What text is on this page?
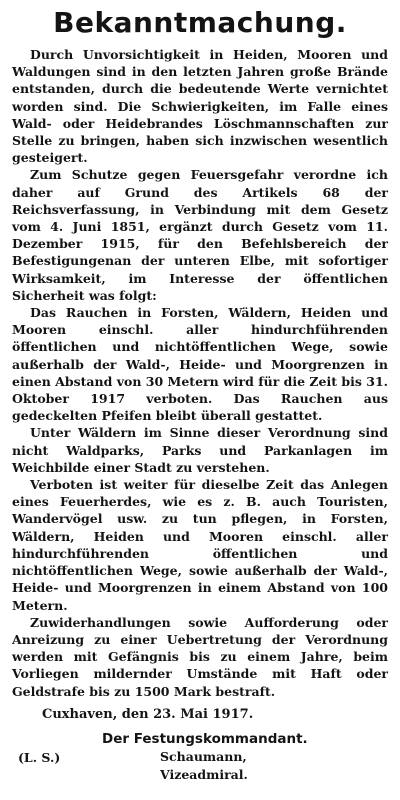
Bekanntmachung.

Durch Unvorsichtigkeit in Heiden, Mooren und Waldungen sind in den letzten Jahren große Brände entstanden, durch die bedeutende Werte vernichtet worden sind. Die Schwierigkeiten, im Falle eines Wald- oder Heidebrandes Löschmannschaften zur Stelle zu bringen, haben sich inzwischen wesentlich gesteigert.

Zum Schutze gegen Feuersgefahr verordne ich daher auf Grund des Artikels 68 der Reichsverfassung, in Verbindung mit dem Gesetz vom 4. Juni 1851, ergänzt durch Gesetz vom 11. Dezember 1915, für den Befehlsbereich der Befestigungenan der unteren Elbe, mit sofortiger Wirksamkeit, im Interesse der öffentlichen Sicherheit was folgt:

Das Rauchen in Forsten, Wäldern, Heiden und Mooren einschl. aller hindurchführenden öffentlichen und nichtöffentlichen Wege, sowie außerhalb der Wald-, Heide- und Moorgrenzen in einen Abstand von 30 Metern wird für die Zeit bis 31. Oktober 1917 verboten. Das Rauchen aus gedeckelten Pfeifen bleibt überall gestattet.

Unter Wäldern im Sinne dieser Verordnung sind nicht Waldparks, Parks und Parkanlagen im Weichbilde einer Stadt zu verstehen.

Verboten ist weiter für dieselbe Zeit das Anlegen eines Feuerherdes, wie es z. B. auch Touristen, Wandervögel usw. zu tun pflegen, in Forsten, Wäldern, Heiden und Mooren einschl. aller hindurchführenden öffentlichen und nichtöffentlichen Wege, sowie außerhalb der Wald-, Heide- und Moorgrenzen in einem Abstand von 100 Metern.

Zuwiderhandlungen sowie Aufforderung oder Anreizung zu einer Uebertretung der Verordnung werden mit Gefängnis bis zu einem Jahre, beim Vorliegen mildernder Umstände mit Haft oder Geldstrafe bis zu 1500 Mark bestraft.

Cuxhaven, den 23. Mai 1917.

(L. S.)
Der Festungskommandant.
Schaumann,
Vizeadmiral.
